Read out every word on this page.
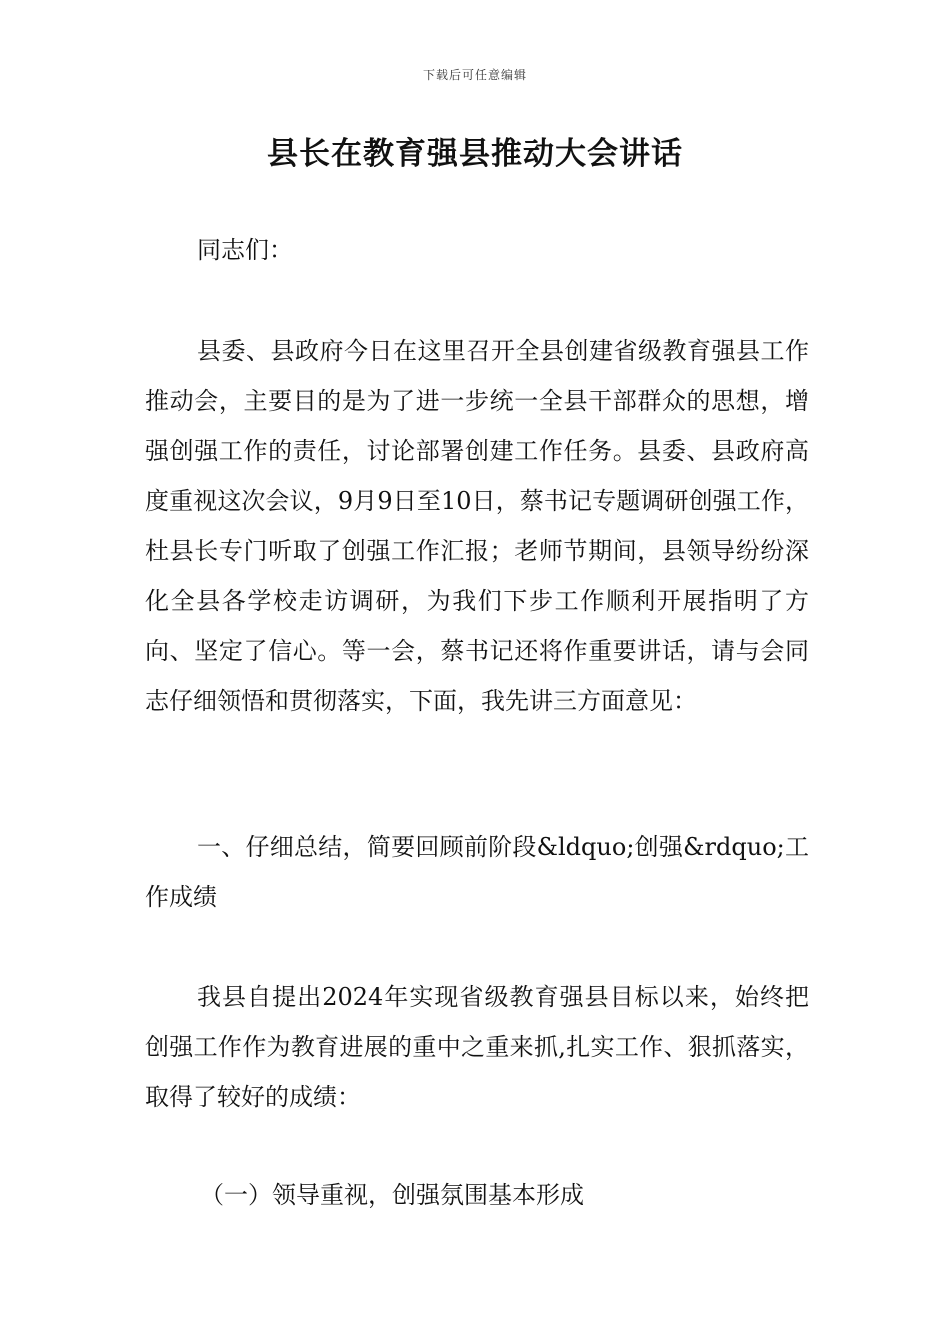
下载后可任意编辑
县长在教育强县推动大会讲话

同志们：

县委、县政府今日在这里召开全县创建省级教育强县工作推动会，主要目的是为了进一步统一全县干部群众的思想，增强创强工作的责任，讨论部署创建工作任务。县委、县政府高度重视这次会议，9月9日至10日，蔡书记专题调研创强工作，杜县长专门听取了创强工作汇报；老师节期间，县领导纷纷深化全县各学校走访调研，为我们下步工作顺利开展指明了方向、坚定了信心。等一会，蔡书记还将作重要讲话，请与会同志仔细领悟和贯彻落实，下面，我先讲三方面意见：

一、仔细总结，简要回顾前阶段&ldquo;创强&rdquo;工作成绩

我县自提出2024年实现省级教育强县目标以来，始终把创强工作作为教育进展的重中之重来抓,扎实工作、狠抓落实，取得了较好的成绩：

（一）领导重视，创强氛围基本形成
